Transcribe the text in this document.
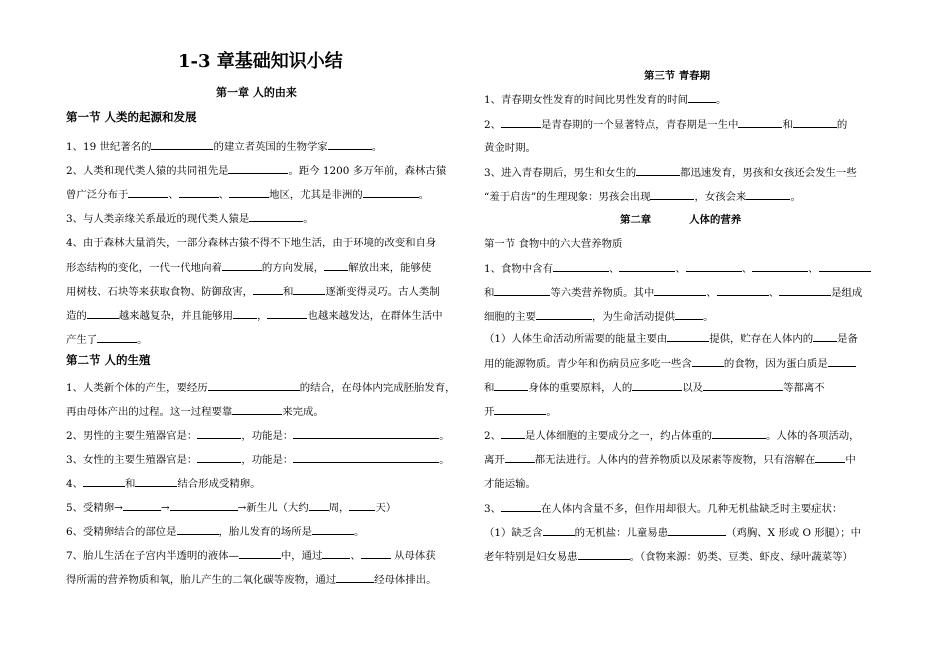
1-3 章基础知识小结
第一章 人的由来
第一节 人类的起源和发展
1、19 世纪著名的	的建立者英国的生物学家	。
2、人类和现代类人猿的共同祖先是	。距今 1200 多万年前，森林古猿
曾广泛分布于	、	、	地区，尤其是非洲的	。
3、与人类亲缘关系最近的现代类人猿是	。
4、由于森林大量消失，一部分森林古猿不得不下地生活，由于环境的改变和自身
形态结构的变化，一代一代地向着	的方向发展， 解放出来，能够使
用树枝、石块等来获取食物、防御敌害，	和	逐渐变得灵巧。古人类制
造的	越来越复杂，并且能够用 ，	也越来越发达，在群体生活中
产生了	。
第二节 人的生殖
1、人类新个体的产生，要经历	的结合，在母体内完成胚胎发育，
再由母体产出的过程。这一过程要靠	来完成。
2、男性的主要生殖器官是：	，功能是：	。
3、女性的主要生殖器官是：	，功能是：	。
4、	和	结合形成受精卵。
5、受精卵→	→	→新生儿（大约 周，	天）
6、受精卵结合的部位是	，胎儿发育的场所是	。
7、胎儿生活在子宫内半透明的液体—	中，通过	、	从母体获
得所需的营养物质和氧，胎儿产生的二氧化碳等废物，通过	经母体排出。
第三节 青春期
1、青春期女性发育的时间比男性发育的时间	。
2、	是青春期的一个显著特点，青春期是一生中	和	的
黄金时期。
3、进入青春期后，男生和女生的	都迅速发育，男孩和女孩还会发生一些
“羞于启齿”的生理现象：男孩会出现	，女孩会来	。
第二章	人体的营养
第一节 食物中的六大营养物质
1、食物中含有	、	、	、	、
和	等六类营养物质。其中	、	、	是组成
细胞的主要	，为生命活动提供	。
（1）人体生命活动所需要的能量主要由	提供，贮存在人体内的 是备
用的能源物质。青少年和伤病员应多吃一些含	的食物，因为蛋白质是
和	身体的重要原料，人的	以及	等都离不
开	。
2、 是人体细胞的主要成分之一，约占体重的	。人体的各项活动，
离开	都无法进行。人体内的营养物质以及尿素等废物，只有溶解在	中
才能运输。
3、	在人体内含量不多，但作用却很大。几种无机盐缺乏时主要症状：
（1）缺乏含	的无机盐：儿童易患	（鸡胸、X 形或 O 形腿）；中
老年特别是妇女易患	。（食物来源：奶类、豆类、虾皮、绿叶蔬菜等）
